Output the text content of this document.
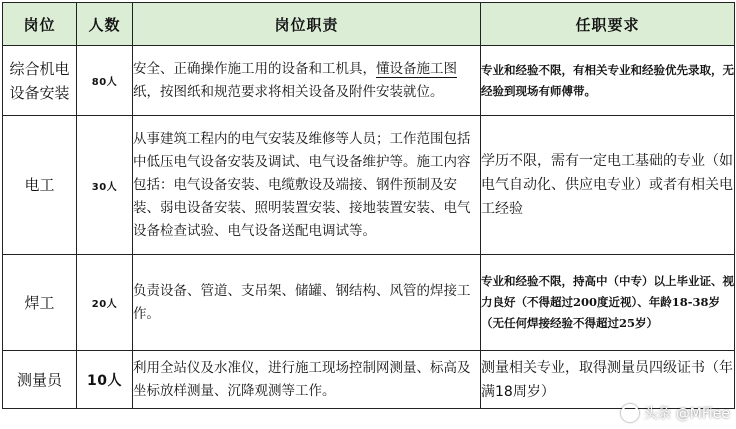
岗位	人数	岗位职责	任职要求

综合机电
设备安装	80人	安全、正确操作施工用的设备和工机具，懂设备施工图纸，按图纸和规范要求将相关设备及附件安装就位。	专业和经验不限，有相关专业和经验优先录取，无经验到现场有师傅带。
电工	30人	从事建筑工程内的电气安装及维修等人员；工作范围包括中低压电气设备安装及调试、电气设备维护等。施工内容包括：电气设备安装、电缆敷设及端接、钢件预制及安装、弱电设备安装、照明装置安装、接地装置安装、电气设备检查试验、电气设备送配电调试等。	学历不限，需有一定电工基础的专业（如电气自动化、供应电专业）或者有相关电工经验
焊工	20人	负责设备、管道、支吊架、储罐、钢结构、风管的焊接工作。	专业和经验不限，持高中（中专）以上毕业证、视力良好（不得超过200度近视）、年龄18-38岁（无任何焊接经验不得超过25岁）
测量员	10人	利用全站仪及水准仪，进行施工现场控制网测量、标高及坐标放样测量、沉降观测等工作。	测量相关专业，取得测量员四级证书（年满18周岁）
头条 @MFiee
